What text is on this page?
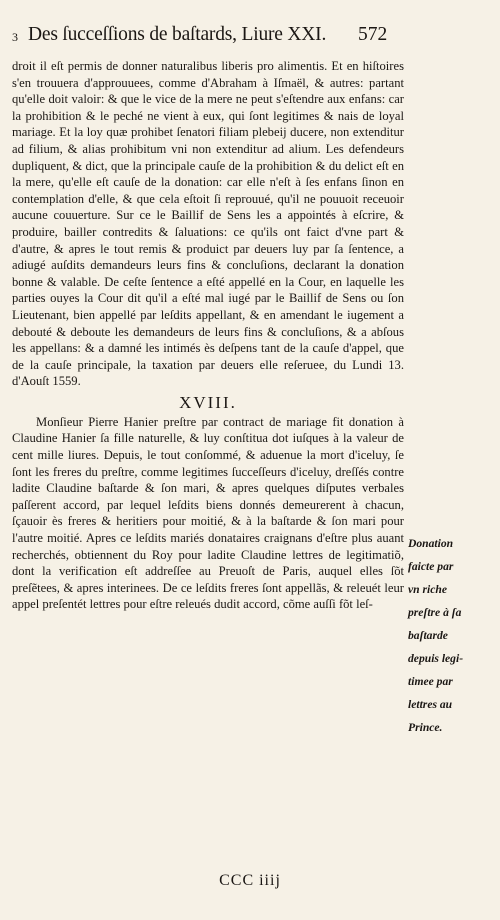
3 Des ſucceſſions de baſtards, Liure XXI. 572

droit il eſt permis de donner naturalibus liberis pro alimentis. Et en hiſtoires s'en trouuera d'approuuees, comme d'Abraham à Iſmaël, & autres: partant qu'elle doit valoir: & que le vice de la mere ne peut s'eſtendre aux enfans: car la prohibition & le peché ne vient à eux, qui ſont legitimes & nais de loyal mariage. Et la loy quæ prohibet ſenatori filiam plebeij ducere, non extenditur ad filium, & alias prohibitum vni non extenditur ad alium. Les defendeurs dupliquent, & dict, que la principale cauſe de la prohibition & du delict eſt en la mere, qu'elle eſt cauſe de la donation: car elle n'eſt à ſes enfans ſinon en contemplation d'elle, & que cela eſtoit ſi reprouué, qu'il ne pouuoit receuoir aucune couuerture. Sur ce le Baillif de Sens les a appointés à eſcrire, & produire, bailler contredits & ſaluations: ce qu'ils ont faict d'vne part & d'autre, & apres le tout remis & produict par deuers luy par ſa ſentence, a adiugé auſdits demandeurs leurs fins & concluſions, declarant la donation bonne & valable. De ceſte ſentence a eſté appellé en la Cour, en laquelle les parties ouyes la Cour dit qu'il a eſté mal iugé par le Baillif de Sens ou ſon Lieutenant, bien appellé par leſdits appellant, & en amendant le iugement a debouté & deboute les demandeurs de leurs fins & concluſions, & a abſous les appellans: & a damné les intimés ès deſpens tant de la cauſe d'appel, que de la cauſe principale, la taxation par deuers elle reſeruee, du Lundi 13. d'Aouſt 1559.

XVIII.

Monſieur Pierre Hanier preſtre par contract de mariage fit donation à Claudine Hanier ſa fille naturelle, & luy conſtitua dot iuſques à la valeur de cent mille liures. Depuis, le tout conſommé, & aduenue la mort d'iceluy, ſe ſont les freres du preſtre, comme legitimes ſucceſſeurs d'iceluy, dreſſés contre ladite Claudine baſtarde & ſon mari, & apres quelques diſputes verbales paſſerent accord, par lequel leſdits biens donnés demeurerent à chacun, ſçauoir ès freres & heritiers pour moitié, & à la baſtarde & ſon mari pour l'autre moitié. Apres ce leſdits mariés donataires craignans d'eſtre plus auant recherchés, obtiennent du Roy pour ladite Claudine lettres de legitimatiõ, dont la verification eſt addreſſee au Preuoſt de Paris, auquel elles ſõt preſẽtees, & apres interinees. De ce leſdits freres ſont appellãs, & releuét leur appel preſentét lettres pour eſtre releués dudit accord, cõme auſſi fõt leſ-

Donation
faicte par
vn riche
preſtre à ſa
baſtarde
depuis legi-
timee par
lettres au
Prince.
CCC iiij
